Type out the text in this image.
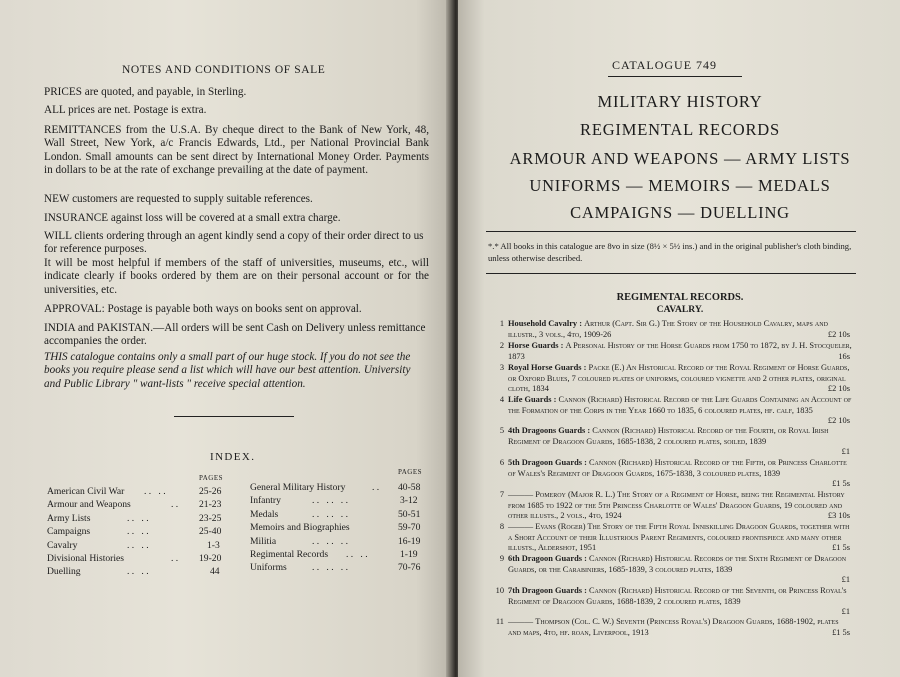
NOTES AND CONDITIONS OF SALE
PRICES are quoted, and payable, in Sterling.
ALL prices are net. Postage is extra.
REMITTANCES from the U.S.A. By cheque direct to the Bank of New York, 48, Wall Street, New York, a/c Francis Edwards, Ltd., per National Provincial Bank London. Small amounts can be sent direct by International Money Order. Payments in dollars to be at the rate of exchange prevailing at the date of payment.
NEW customers are requested to supply suitable references.
INSURANCE against loss will be covered at a small extra charge.
WILL clients ordering through an agent kindly send a copy of their order direct to us for reference purposes.
It will be most helpful if members of the staff of universities, museums, etc., will indicate clearly if books ordered by them are on their personal account or for the universities, etc.
APPROVAL: Postage is payable both ways on books sent on approval.
INDIA and PAKISTAN.—All orders will be sent Cash on Delivery unless remittance accompanies the order.
THIS catalogue contains only a small part of our huge stock. If you do not see the books you require please send a list which will have our best attention. University and Public Library " want-lists " receive special attention.
INDEX.
PAGES
PAGES
American Civil War . .   . .	25-26
Armour and Weapons	. . 21-23
Army Lists	. .   . .	23-25
Campaigns	. .   . .	25-40
Cavalry	. .   . .	1-3
Divisional Histories	. . 19-20
Duelling	. .   . .	44
General Military History	. . 40-58
Infantry	. .   . .   . .	3-12
Medals	. .   . .   . .	50-51
Memoirs and Biographies	59-70
Militia	. .   . .   . .	16-19
Regimental Records . .   . .	1-19
Uniforms	. .   . .   . .	70-76
CATALOGUE 749
MILITARY HISTORY
REGIMENTAL RECORDS
ARMOUR AND WEAPONS — ARMY LISTS
UNIFORMS — MEMOIRS — MEDALS
CAMPAIGNS — DUELLING
*.* All books in this catalogue are 8vo in size (8½ × 5½ ins.) and in the original publisher's cloth binding, unless otherwise described.
REGIMENTAL RECORDS.
CAVALRY.
1 Household Cavalry : Arthur (Capt. Sir G.) The Story of the Household Cavalry, maps and illustr., 3 vols., 4to, 1909-26	£2 10s
2 Horse Guards : A Personal History of the Horse Guards from 1750 to 1872, by J. H. Stocqueler, 1873	16s
3 Royal Horse Guards : Packe (E.) An Historical Record of the Royal Regiment of Horse Guards, or Oxford Blues, 7 coloured plates of uniforms, coloured vignette and 2 other plates, original cloth, 1834	£2 10s
4 Life Guards : Cannon (Richard) Historical Record of the Life Guards Containing an Account of the Formation of the Corps in the Year 1660 to 1835, 6 coloured plates, hf. calf, 1835
£2 10s
5 4th Dragoons Guards : Cannon (Richard) Historical Record of the Fourth, or Royal Irish Regiment of Dragoon Guards, 1685-1838, 2 coloured plates, soiled, 1839
£1
6 5th Dragoon Guards : Cannon (Richard) Historical Record of the Fifth, or Princess Charlotte of Wales's Regiment of Dragoon Guards, 1675-1838, 3 coloured plates, 1839
£1 5s
7 ——— Pomeroy (Major R. L.) The Story of a Regiment of Horse, being the Regimental History from 1685 to 1922 of the 5th Princess Charlotte of Wales' Dragoon Guards, 19 coloured and other illusts., 2 vols., 4to, 1924	£3 10s
8 ——— Evans (Roger) The Story of the Fifth Royal Inniskilling Dragoon Guards, together with a Short Account of their Illustrious Parent Regiments, coloured frontispiece and many other illusts., Aldershot, 1951	£1 5s
9 6th Dragoon Guards : Cannon (Richard) Historical Records of the Sixth Regiment of Dragoon Guards, or the Carabiniers, 1685-1839, 3 coloured plates, 1839
£1
10 7th Dragoon Guards : Cannon (Richard) Historical Record of the Seventh, or Princess Royal's Regiment of Dragoon Guards, 1688-1839, 2 coloured plates, 1839
£1
11 ——— Thompson (Col. C. W.) Seventh (Princess Royal's) Dragoon Guards, 1688-1902, plates and maps, 4to, hf. roan, Liverpool, 1913	£1 5s
